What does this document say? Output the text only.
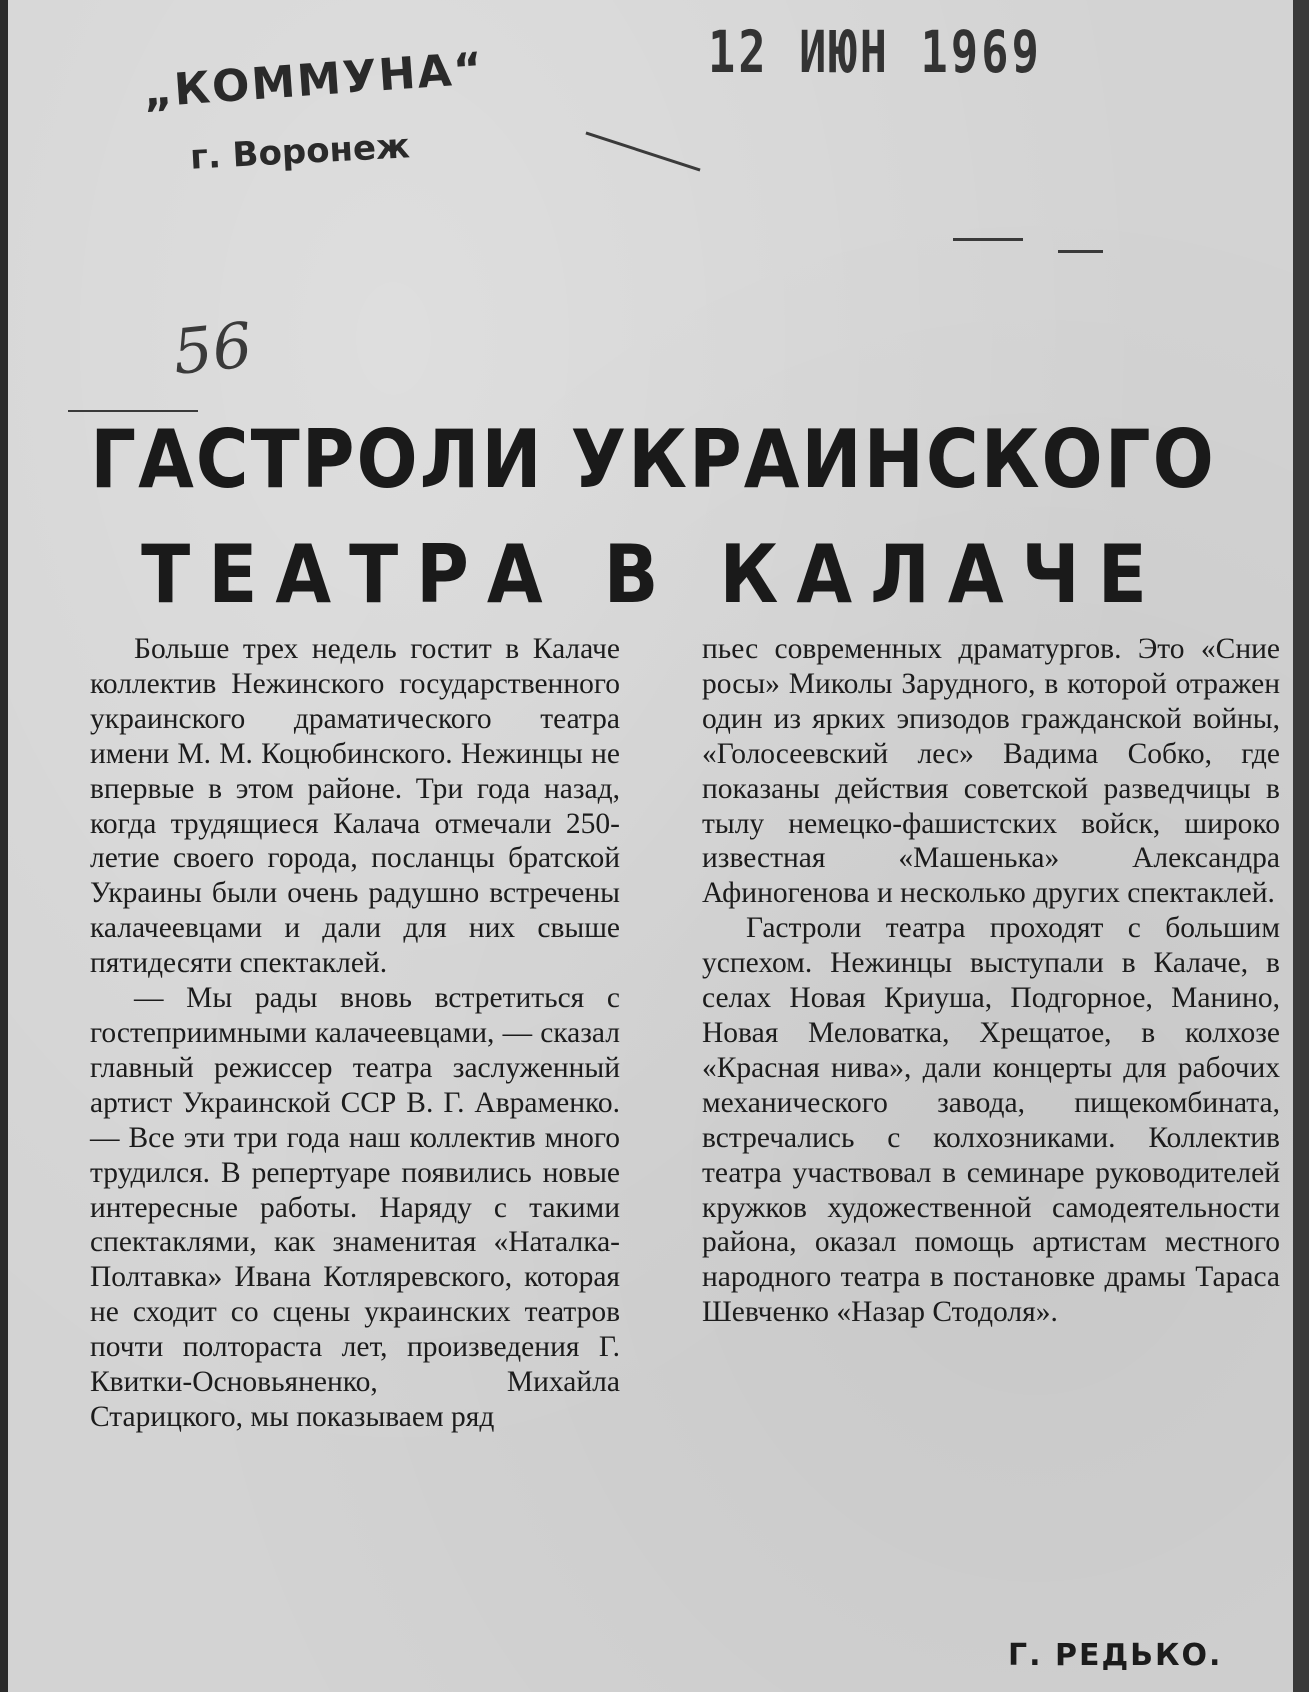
„КОММУНА“
г. Воронеж
12 ИЮН 1969
56
ГАСТРОЛИ УКРАИНСКОГО
ТЕАТРА В КАЛАЧЕ

Больше трех недель гостит в Калаче коллектив Нежинского государственного украинского драматического театра имени М. М. Коцюбинского. Нежинцы не впервые в этом районе. Три года назад, когда трудящиеся Калача отмечали 250-летие своего города, посланцы братской Украины были очень радушно встречены калачеевцами и дали для них свыше пятидесяти спектаклей.

— Мы рады вновь встретиться с гостеприимными калачеевцами, — сказал главный режиссер театра заслуженный артист Украинской ССР В. Г. Авраменко. — Все эти три года наш коллектив много трудился. В репертуаре появились новые интересные работы. Наряду с такими спектаклями, как знаменитая «Наталка-Полтавка» Ивана Котляревского, которая не сходит со сцены украинских театров почти полтораста лет, произведения Г. Квитки-Основьяненко, Михайла Старицкого, мы показываем ряд

пьес современных драматургов. Это «Сние росы» Миколы Зарудного, в которой отражен один из ярких эпизодов гражданской войны, «Голосеевский лес» Вадима Собко, где показаны действия советской разведчицы в тылу немецко-фашистских войск, широко известная «Машенька» Александра Афиногенова и несколько других спектаклей.

Гастроли театра проходят с большим успехом. Нежинцы выступали в Калаче, в селах Новая Криуша, Подгорное, Манино, Новая Меловатка, Хрещатое, в колхозе «Красная нива», дали концерты для рабочих механического завода, пищекомбината, встречались с колхозниками. Коллектив театра участвовал в семинаре руководителей кружков художественной самодеятельности района, оказал помощь артистам местного народного театра в постановке драмы Тараса Шевченко «Назар Стодоля».

Г. РЕДЬКО.
